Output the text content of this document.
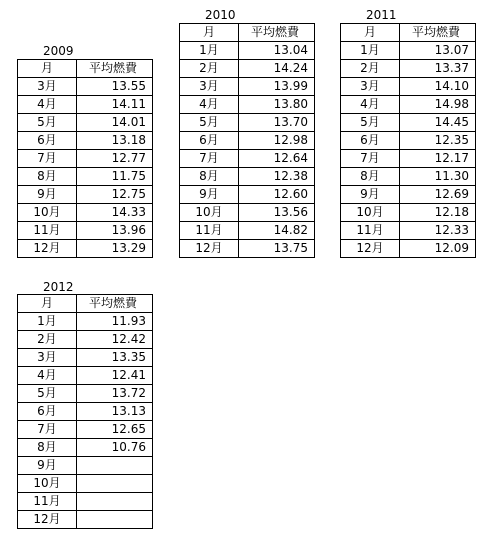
2009
月	平均燃費
3月	13.55
4月	14.11
5月	14.01
6月	13.18
7月	12.77
8月	11.75
9月	12.75
10月	14.33
11月	13.96
12月	13.29
2010
月	平均燃費
1月	13.04
2月	14.24
3月	13.99
4月	13.80
5月	13.70
6月	12.98
7月	12.64
8月	12.38
9月	12.60
10月	13.56
11月	14.82
12月	13.75
2011
月	平均燃費
1月	13.07
2月	13.37
3月	14.10
4月	14.98
5月	14.45
6月	12.35
7月	12.17
8月	11.30
9月	12.69
10月	12.18
11月	12.33
12月	12.09
2012
月	平均燃費
1月	11.93
2月	12.42
3月	13.35
4月	12.41
5月	13.72
6月	13.13
7月	12.65
8月	10.76
9月	
10月	
11月	
12月	
